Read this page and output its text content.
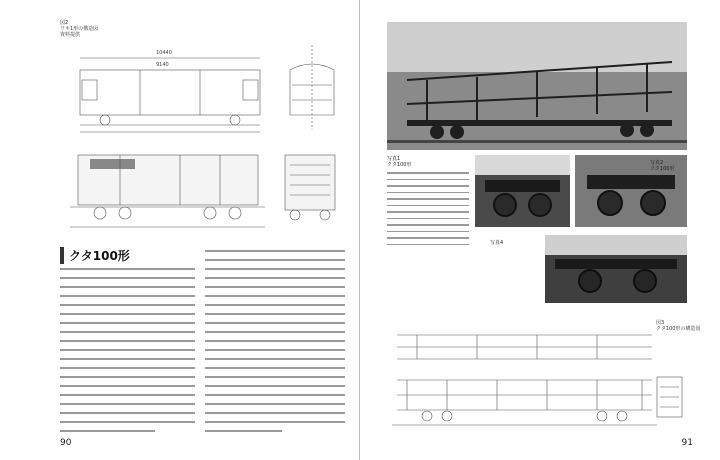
図2
ワキ1形の構造図
資料提供
10440
9140
クタ100形
90
写真1
クタ100形	写真2
クタ100形
写真4
図3
クタ100形の構造図
91
